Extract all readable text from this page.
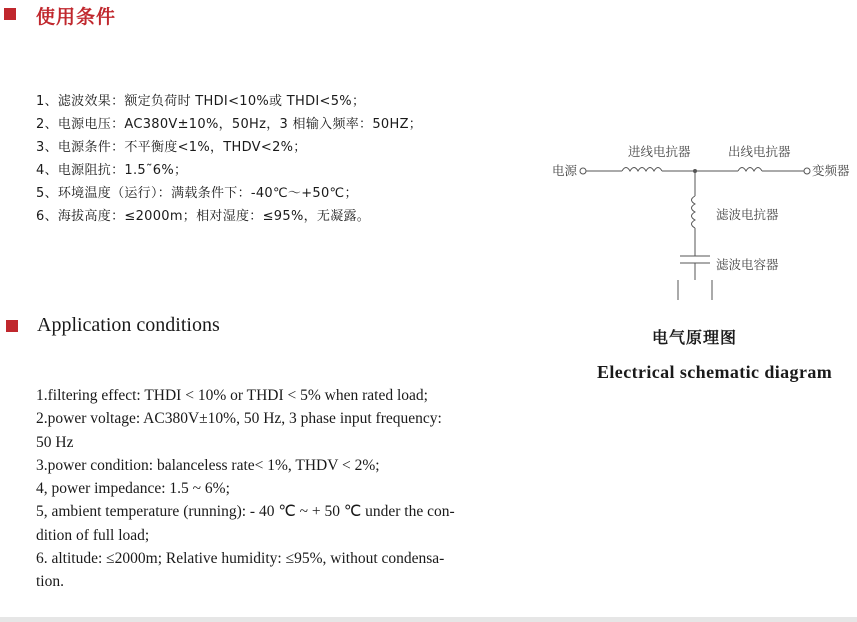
使用条件
1、滤波效果：额定负荷时 THDI<10%或 THDI<5%；
2、电源电压：AC380V±10%，50Hz，3 相输入频率：50HZ；
3、电源条件：不平衡度<1%，THDV<2%；
4、电源阻抗：1.5˜6%；
5、环境温度（运行）：满载条件下：-40℃～+50℃；
6、海拔高度：≤2000m；相对湿度：≤95%，无凝露。
Application conditions
1.filtering effect: THDI < 10% or THDI < 5% when rated load;
2.power voltage: AC380V±10%, 50 Hz, 3 phase input frequency:
50 Hz
3.power condition: balanceless rate< 1%, THDV < 2%;
4, power impedance: 1.5 ~ 6%;
5, ambient temperature (running): - 40 ℃ ~ + 50 ℃ under the con-
dition of full load;
6. altitude: ≤2000m; Relative humidity: ≤95%, without condensa-
tion.
电源
进线电抗器	出线电抗器
变频器
滤波电抗器
滤波电容器
电气原理图
Electrical schematic diagram
